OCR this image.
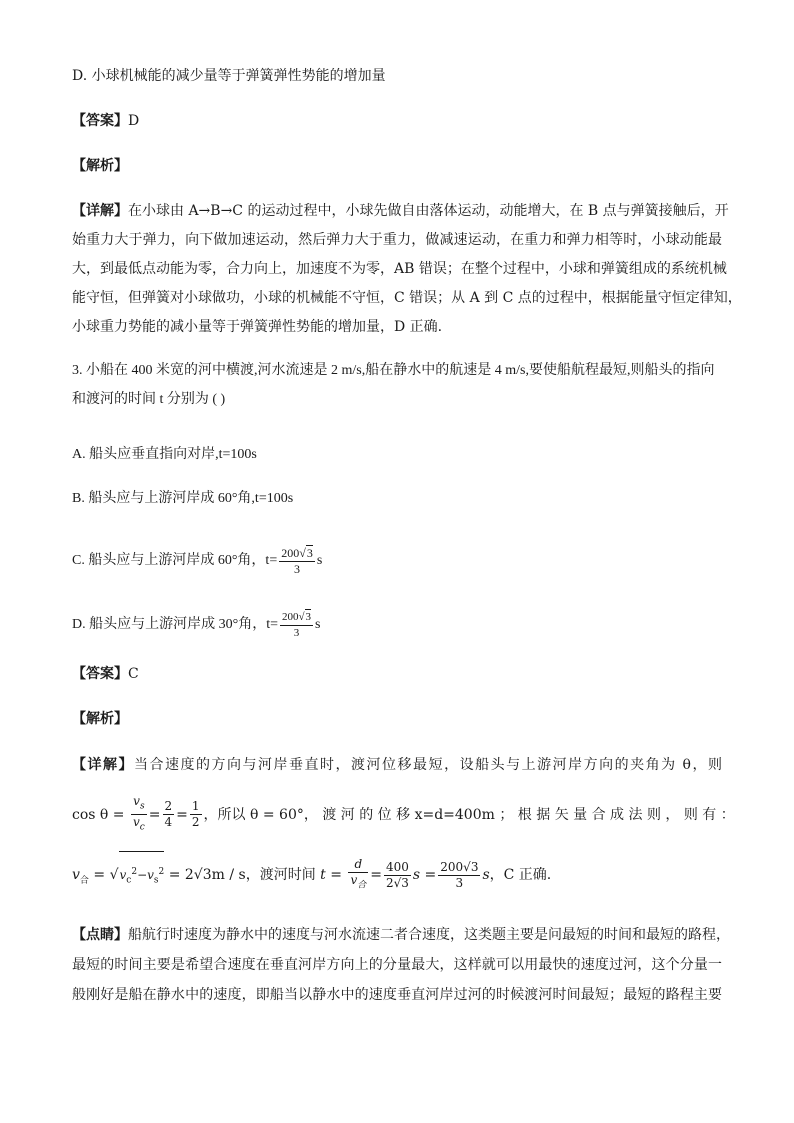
D. 小球机械能的减少量等于弹簧弹性势能的增加量
【答案】D
【解析】
【详解】在小球由 A→B→C 的运动过程中，小球先做自由落体运动，动能增大，在 B 点与弹簧接触后，开
始重力大于弹力，向下做加速运动，然后弹力大于重力，做减速运动，在重力和弹力相等时，小球动能最
大，到最低点动能为零，合力向上，加速度不为零，AB 错误；在整个过程中，小球和弹簧组成的系统机械
能守恒，但弹簧对小球做功，小球的机械能不守恒，C 错误；从 A 到 C 点的过程中，根据能量守恒定律知，
小球重力势能的减小量等于弹簧弹性势能的增加量，D 正确.
3. 小船在 400 米宽的河中横渡,河水流速是 2 m/s,船在静水中的航速是 4 m/s,要使船航程最短,则船头的指向
和渡河的时间 t 分别为 ( )
A. 船头应垂直指向对岸,t=100s
B. 船头应与上游河岸成 60°角,t=100s
C. 船头应与上游河岸成 60°角，$t= \frac{200√3}{3}$ s
D. 船头应与上游河岸成 30°角，$t= \frac{200√3}{3}$ s
【答案】C
【解析】
【详解】当合速度的方向与河岸垂直时，渡河位移最短，设船头与上游河岸方向的夹角为 θ，则
$\cos \theta = \frac{v_s}{v_c} = \frac{2}{4} = \frac{1}{2}$ ，所以 θ = 60°， 渡 河 的 位 移 x=d=400m ； 根 据 矢 量 合 成 法 则 ， 则 有 ：
$v_合 = √v_c^2-v_s^2 = 2√3m / s$，渡河时间 $t = \frac{d}{v_合} = \frac{400}{2√3}$ $s = \frac{200√3}{3}$ s，C 正确.
【点睛】船航行时速度为静水中的速度与河水流速二者合速度，这类题主要是问最短的时间和最短的路程，
最短的时间主要是希望合速度在垂直河岸方向上的分量最大，这样就可以用最快的速度过河，这个分量一
般刚好是船在静水中的速度，即船当以静水中的速度垂直河岸过河的时候渡河时间最短；最短的路程主要
